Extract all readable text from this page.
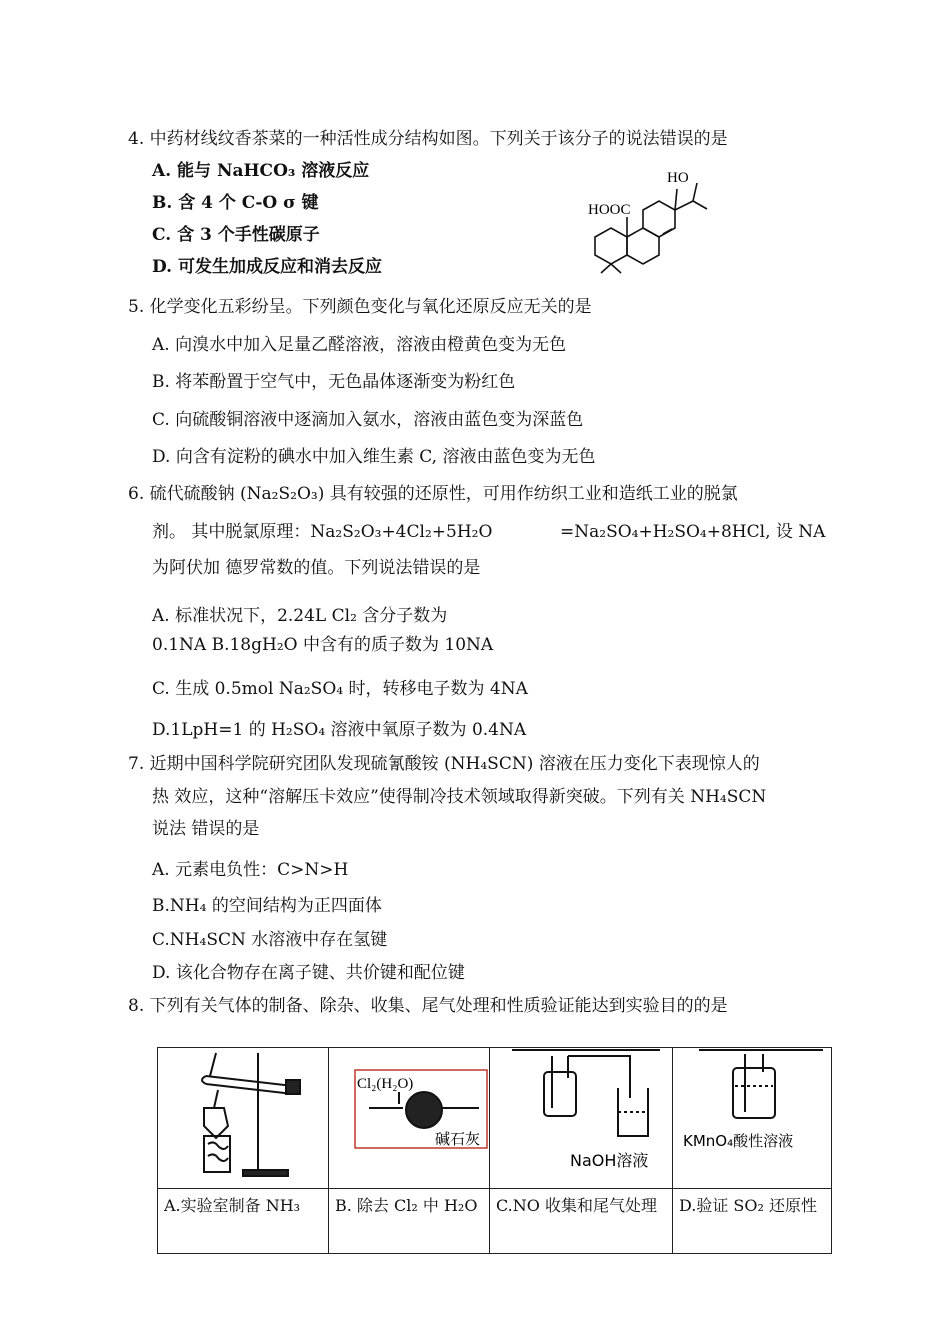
4. 中药材线纹香茶菜的一种活性成分结构如图。下列关于该分子的说法错误的是
A. 能与 NaHCO₃ 溶液反应
B. 含 4 个 C-O σ 键
C. 含 3 个手性碳原子
D. 可发生加成反应和消去反应
HO
HOOC
5. 化学变化五彩纷呈。下列颜色变化与氧化还原反应无关的是
A. 向溴水中加入足量乙醛溶液，溶液由橙黄色变为无色
B. 将苯酚置于空气中，无色晶体逐渐变为粉红色
C. 向硫酸铜溶液中逐滴加入氨水，溶液由蓝色变为深蓝色
D. 向含有淀粉的碘水中加入维生素 C, 溶液由蓝色变为无色
6. 硫代硫酸钠 (Na₂S₂O₃) 具有较强的还原性，可用作纺织工业和造纸工业的脱氯
剂。 其中脱氯原理：Na₂S₂O₃+4Cl₂+5H₂O	=Na₂SO₄+H₂SO₄+8HCl, 设 NA
为阿伏加 德罗常数的值。下列说法错误的是
A. 标准状况下，2.24L Cl₂ 含分子数为
0.1NA B.18gH₂O 中含有的质子数为 10NA
C. 生成 0.5mol Na₂SO₄ 时，转移电子数为 4NA
D.1LpH=1 的 H₂SO₄ 溶液中氧原子数为 0.4NA
7. 近期中国科学院研究团队发现硫氰酸铵 (NH₄SCN) 溶液在压力变化下表现惊人的
热 效应，这种“溶解压卡效应”使得制冷技术领域取得新突破。下列有关 NH₄SCN
说法 错误的是
A. 元素电负性：C>N>H
B.NH₄ 的空间结构为正四面体
C.NH₄SCN 水溶液中存在氢键
D. 该化合物存在离子键、共价键和配位键
8. 下列有关气体的制备、除杂、收集、尾气处理和性质验证能达到实验目的的是

Cl₂(H₂O)
碱石灰	NaOH溶液	KMnO₄酸性溶液

A.实验室制备 NH₃	B. 除去 Cl₂ 中 H₂O	C.NO 收集和尾气处理	D.验证 SO₂ 还原性
